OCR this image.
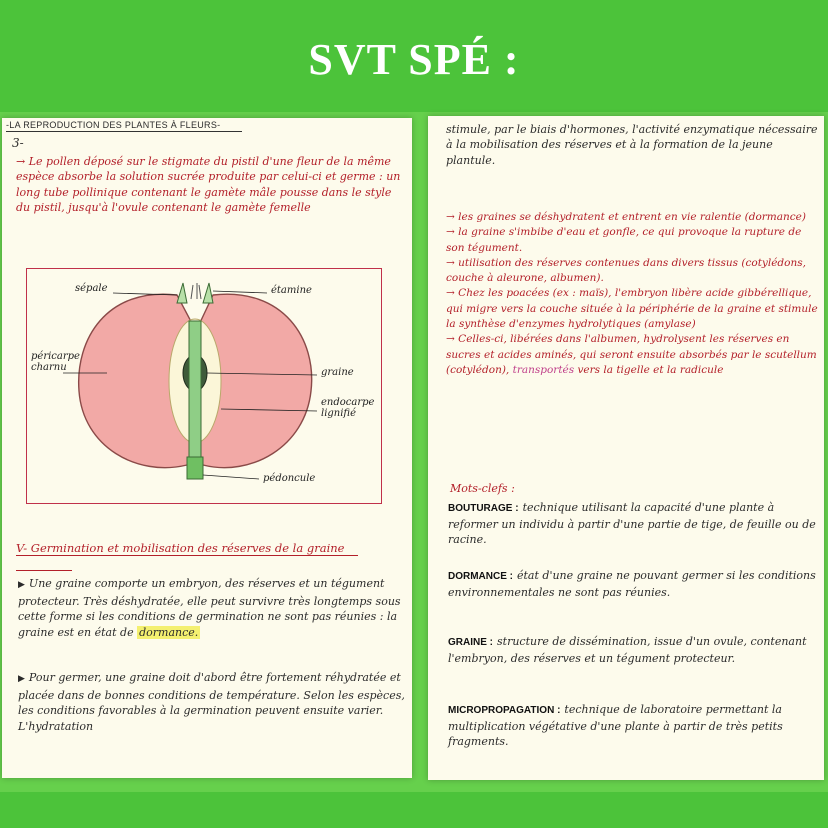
SVT SPÉ :
-LA REPRODUCTION DES PLANTES À FLEURS-
3-
→ Le pollen déposé sur le stigmate du pistil d'une fleur de la même espèce absorbe la solution sucrée produite par celui-ci et germe : un long tube pollinique contenant le gamète mâle pousse dans le style du pistil, jusqu'à l'ovule contenant le gamète femelle
sépale	étamine
péricarpe charnu	graine
endocarpe lignifié
pédoncule
V- Germination et mobilisation des réserves de la graine
▶ Une graine comporte un embryon, des réserves et un tégument protecteur. Très déshydratée, elle peut survivre très longtemps sous cette forme si les conditions de germination ne sont pas réunies : la graine est en état de dormance.
▶ Pour germer, une graine doit d'abord être fortement réhydratée et placée dans de bonnes conditions de température. Selon les espèces, les conditions favorables à la germination peuvent ensuite varier. L'hydratation
stimule, par le biais d'hormones, l'activité enzymatique nécessaire à la mobilisation des réserves et à la formation de la jeune plantule.
→ les graines se déshydratent et entrent en vie ralentie (dormance)
→ la graine s'imbibe d'eau et gonfle, ce qui provoque la rupture de son tégument.
→ utilisation des réserves contenues dans divers tissus (cotylédons, couche à aleurone, albumen).
→ Chez les poacées (ex : maïs), l'embryon libère acide gibbérellique, qui migre vers la couche située à la périphérie de la graine et stimule la synthèse d'enzymes hydrolytiques (amylase)
→ Celles-ci, libérées dans l'albumen, hydrolysent les réserves en sucres et acides aminés, qui seront ensuite absorbés par le scutellum (cotylédon), transportés vers la tigelle et la radicule
Mots-clefs :
BOUTURAGE : technique utilisant la capacité d'une plante à reformer un individu à partir d'une partie de tige, de feuille ou de racine.
DORMANCE : état d'une graine ne pouvant germer si les conditions environnementales ne sont pas réunies.
GRAINE : structure de dissémination, issue d'un ovule, contenant l'embryon, des réserves et un tégument protecteur.
MICROPROPAGATION : technique de laboratoire permettant la multiplication végétative d'une plante à partir de très petits fragments.
